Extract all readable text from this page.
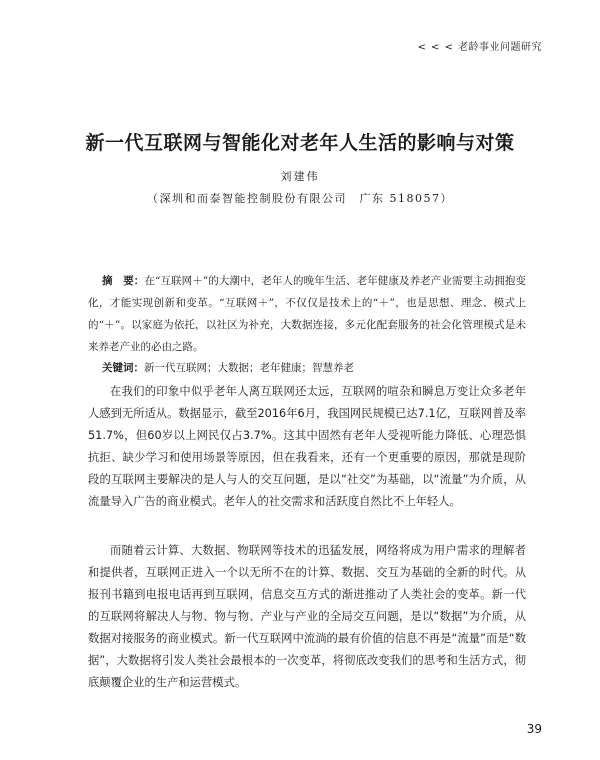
< < < 老龄事业问题研究
新一代互联网与智能化对老年人生活的影响与对策
刘建伟
（深圳和而泰智能控制股份有限公司　广东 518057）

摘　要：在“互联网＋”的大潮中，老年人的晚年生活、老年健康及养老产业需要主动拥抱变化，才能实现创新和变革。“互联网＋”，不仅仅是技术上的“＋”，也是思想、理念、模式上的“＋”。以家庭为依托，以社区为补充，大数据连接，多元化配套服务的社会化管理模式是未来养老产业的必由之路。

关键词：新一代互联网；大数据；老年健康；智慧养老

在我们的印象中似乎老年人离互联网还太远，互联网的喧杂和瞬息万变让众多老年人感到无所适从。数据显示，截至2016年6月，我国网民规模已达7.1亿，互联网普及率51.7%，但60岁以上网民仅占3.7%。这其中固然有老年人受视听能力降低、心理恐惧抗拒、缺少学习和使用场景等原因，但在我看来，还有一个更重要的原因，那就是现阶段的互联网主要解决的是人与人的交互问题，是以“社交”为基础，以“流量”为介质，从流量导入广告的商业模式。老年人的社交需求和活跃度自然比不上年轻人。

而随着云计算、大数据、物联网等技术的迅猛发展，网络将成为用户需求的理解者和提供者，互联网正进入一个以无所不在的计算、数据、交互为基础的全新的时代。从报刊书籍到电报电话再到互联网，信息交互方式的渐进推动了人类社会的变革。新一代的互联网将解决人与物、物与物、产业与产业的全局交互问题，是以“数据”为介质，从数据对接服务的商业模式。新一代互联网中流淌的最有价值的信息不再是“流量”而是“数据”，大数据将引发人类社会最根本的一次变革，将彻底改变我们的思考和生活方式，彻底颠覆企业的生产和运营模式。

39
